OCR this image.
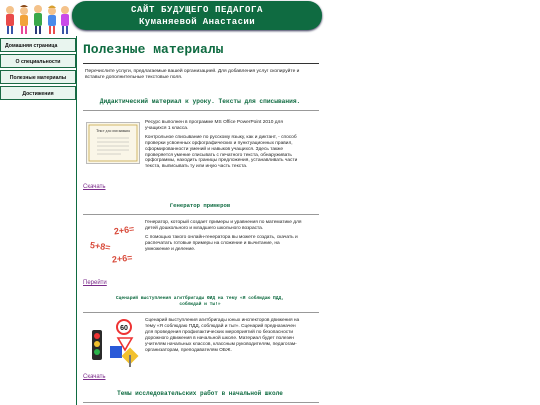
Домашняя страница
О специальности
Полезные материалы
Достижения
САЙТ БУДУЩЕГО ПЕДАГОГА
Куманяевой Анастасии
Полезные материалы
Перечислите услуги, предлагаемые вашей организацией. Для добавления услуг скопируйте и вставьте дополнительные текстовые поля.
Дидактический материал к уроку. Тексты для списывания.
Текст для списывания

Ресурс выполнен в программе MS Office PowerPoint 2010 для учащихся 1 класса.

Контрольное списывание по русскому языку, как и диктант, - способ проверки усвоенных орфографических и пунктуационных правил, сформированности умений и навыков учащихся. Здесь также проверяется умение списывать с печатного текста, обнаруживать орфограммы, находить границы предложения, устанавливать части текста, выписывать ту или иную часть текста.

Скачать
Генератор примеров
2+6=
5+8=
2+6=

Генератор, который создает примеры и уравнения по математике для детей дошкольного и младшего школьного возраста.

С помощью такого онлайн-генератора вы можете создать, скачать и распечатать готовые примеры на сложение и вычитание, на умножение и деление.

Перейти
Сценарий выступления агитбригады ЮИД на тему «Я соблюдаю ПДД, соблюдай и ты!»
60

Сценарий выступления агитбригады юных инспекторов движения на тему «Я соблюдаю ПДД, соблюдай и ты!». Сценарий предназначен для проведения профилактических мероприятий по безопасности дорожного движения в начальной школе. Материал будет полезен учителям начальных классов, классным руководителям, педагогам-организаторам, преподавателям ОБЖ.

Скачать
Темы исследовательских работ в начальной школе
